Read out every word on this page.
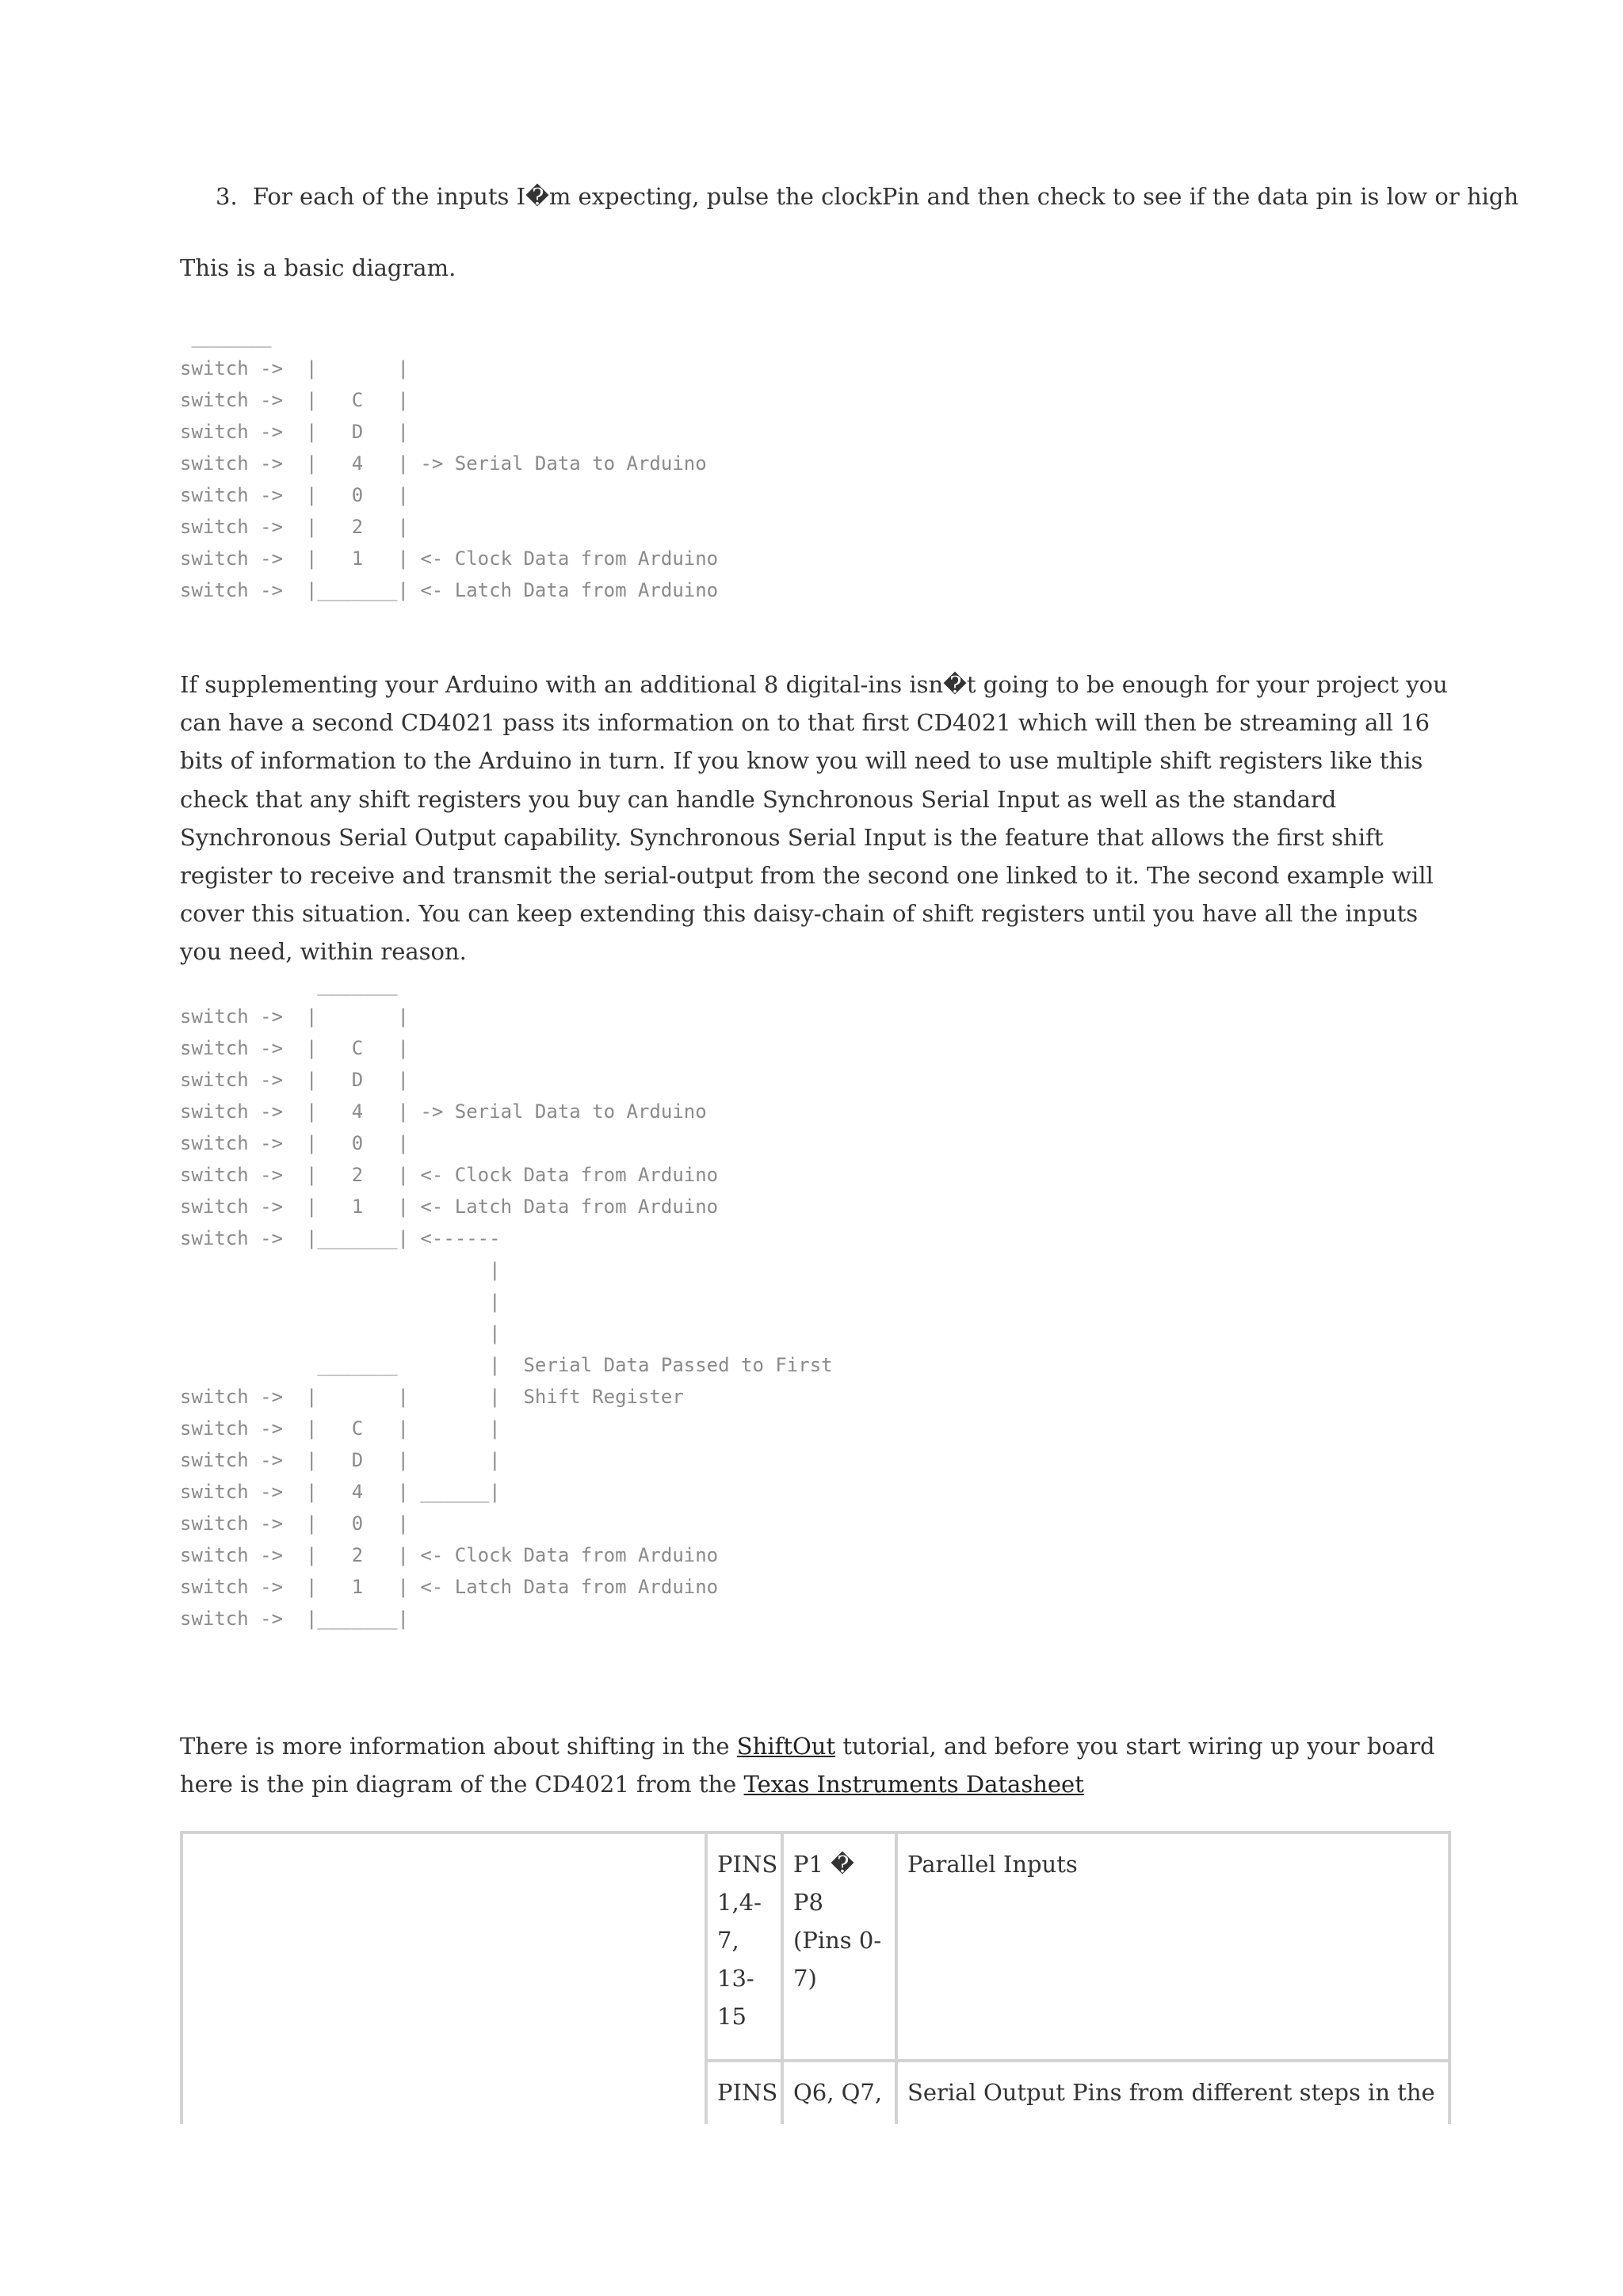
3. For each of the inputs I�m expecting, pulse the clockPin and then check to see if the data pin is low or high

This is a basic diagram.

_______
switch ->  |       |
switch ->  |   C   |
switch ->  |   D   |
switch ->  |   4   | -> Serial Data to Arduino
switch ->  |   0   |
switch ->  |   2   |
switch ->  |   1   | <- Clock Data from Arduino
switch ->  |_______| <- Latch Data from Arduino

If supplementing your Arduino with an additional 8 digital-ins isn�t going to be enough for your project you can have a second CD4021 pass its information on to that first CD4021 which will then be streaming all 16 bits of information to the Arduino in turn. If you know you will need to use multiple shift registers like this check that any shift registers you buy can handle Synchronous Serial Input as well as the standard Synchronous Serial Output capability. Synchronous Serial Input is the feature that allows the first shift register to receive and transmit the serial-output from the second one linked to it. The second example will cover this situation. You can keep extending this daisy-chain of shift registers until you have all the inputs you need, within reason.

_______
switch ->  |       |
switch ->  |   C   |
switch ->  |   D   |
switch ->  |   4   | -> Serial Data to Arduino
switch ->  |   0   |
switch ->  |   2   | <- Clock Data from Arduino
switch ->  |   1   | <- Latch Data from Arduino
switch ->  |_______| <------
|
|
|
_______        |  Serial Data Passed to First
switch ->  |       |       |  Shift Register
switch ->  |   C   |       |
switch ->  |   D   |       |
switch ->  |   4   | ______|
switch ->  |   0   |
switch ->  |   2   | <- Clock Data from Arduino
switch ->  |   1   | <- Latch Data from Arduino
switch ->  |_______|

There is more information about shifting in the ShiftOut tutorial, and before you start wiring up your board here is the pin diagram of the CD4021 from the Texas Instruments Datasheet

	PINS 1,4-7, 13-15	P1 � P8 (Pins 0-7)	Parallel Inputs
	PINS	Q6, Q7,	Serial Output Pins from different steps in the
